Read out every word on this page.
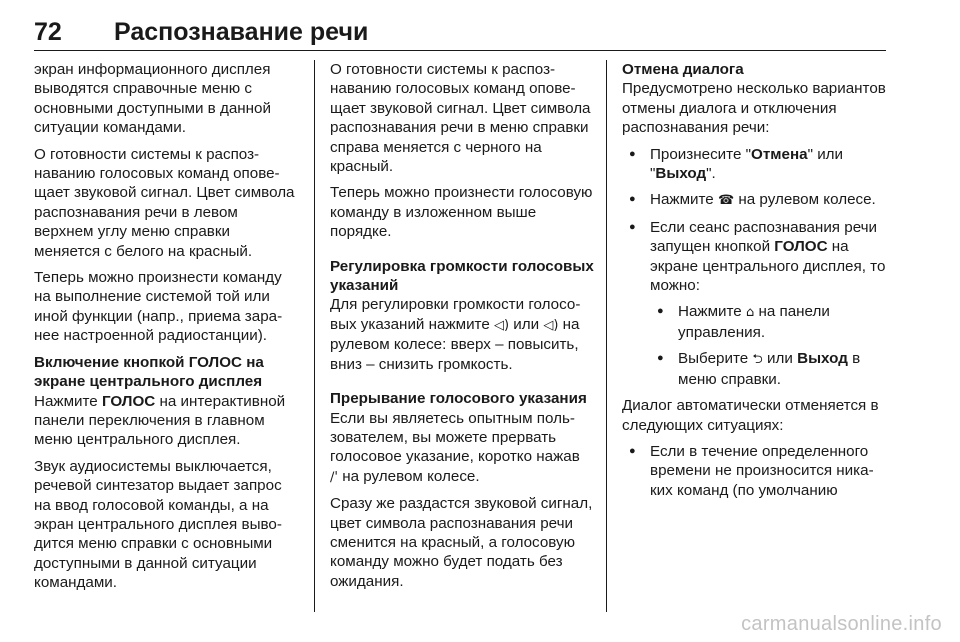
72 Распознавание речи

экран информационного дисплея выводятся справочные меню с основными доступными в данной ситуации командами.

О готовности системы к распознаванию голосовых команд оповещает звуковой сигнал. Цвет символа распознавания речи в левом верхнем углу меню справки меняется с белого на красный.

Теперь можно произнести команду на выполнение системой той или иной функции (напр., приема заранее настроенной радиостанции).

Включение кнопкой ГОЛОС на экране центрального дисплея

Нажмите ГОЛОС на интерактивной панели переключения в главном меню центрального дисплея.

Звук аудиосистемы выключается, речевой синтезатор выдает запрос на ввод голосовой команды, а на экран центрального дисплея выводится меню справки с основными доступными в данной ситуации командами.

О готовности системы к распознаванию голосовых команд оповещает звуковой сигнал. Цвет символа распознавания речи в меню справки справа меняется с черного на красный.

Теперь можно произнести голосовую команду в изложенном выше порядке.

Регулировка громкости голосовых указаний

Для регулировки громкости голосовых указаний нажмите ◁) или ◁) на рулевом колесе: вверх – повысить, вниз – снизить громкость.

Прерывание голосового указания

Если вы являетесь опытным пользователем, вы можете прервать голосовое указание, коротко нажав
∕' на рулевом колесе.

Сразу же раздастся звуковой сигнал, цвет символа распознавания речи сменится на красный, а голосовую команду можно будет подать без ожидания.

Отмена диалога

Предусмотрено несколько вариантов отмены диалога и отключения распознавания речи:

● Произнесите "Отмена" или "Выход".
● Нажмите ☎ на рулевом колесе.
● Если сеанс распознавания речи запущен кнопкой ГОЛОС на экране центрального дисплея, то можно:
● Нажмите ⌂ на панели управления.
● Выберите ⮌ или Выход в меню справки.

Диалог автоматически отменяется в следующих ситуациях:

● Если в течение определенного времени не произносится никаких команд (по умолчанию
carmanualsonline.info
